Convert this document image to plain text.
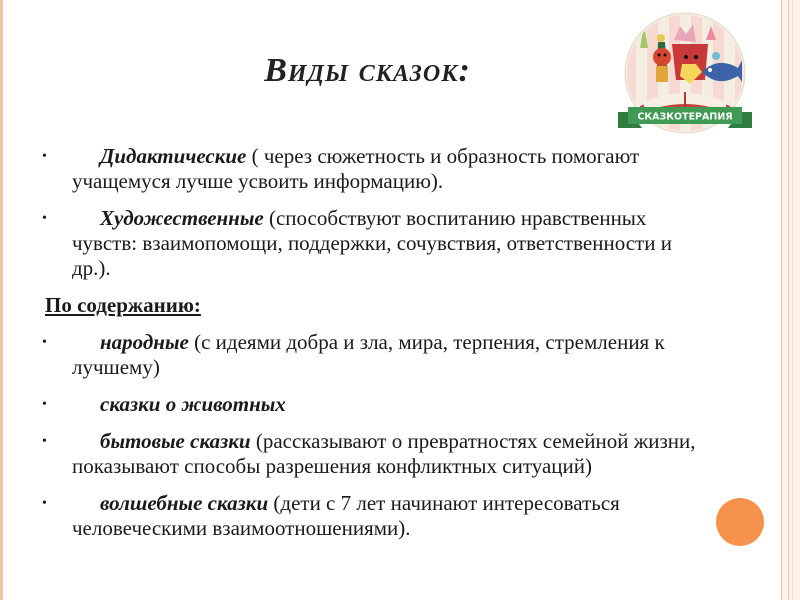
Виды сказок:
СКАЗКОТЕРАПИЯ
•	Дидактические ( через сюжетность и образность помогают учащемуся лучше усвоить информацию).
•	Художественные (способствуют воспитанию нравственных чувств: взаимопомощи, поддержки, сочувствия, ответственности и др.).
По содержанию:
•	народные (с идеями добра и зла, мира, терпения, стремления к лучшему)
•	сказки о животных
•	бытовые сказки (рассказывают о превратностях семейной жизни, показывают способы разрешения конфликтных ситуаций)
•	волшебные сказки (дети с 7 лет начинают интересоваться человеческими взаимоотношениями).
